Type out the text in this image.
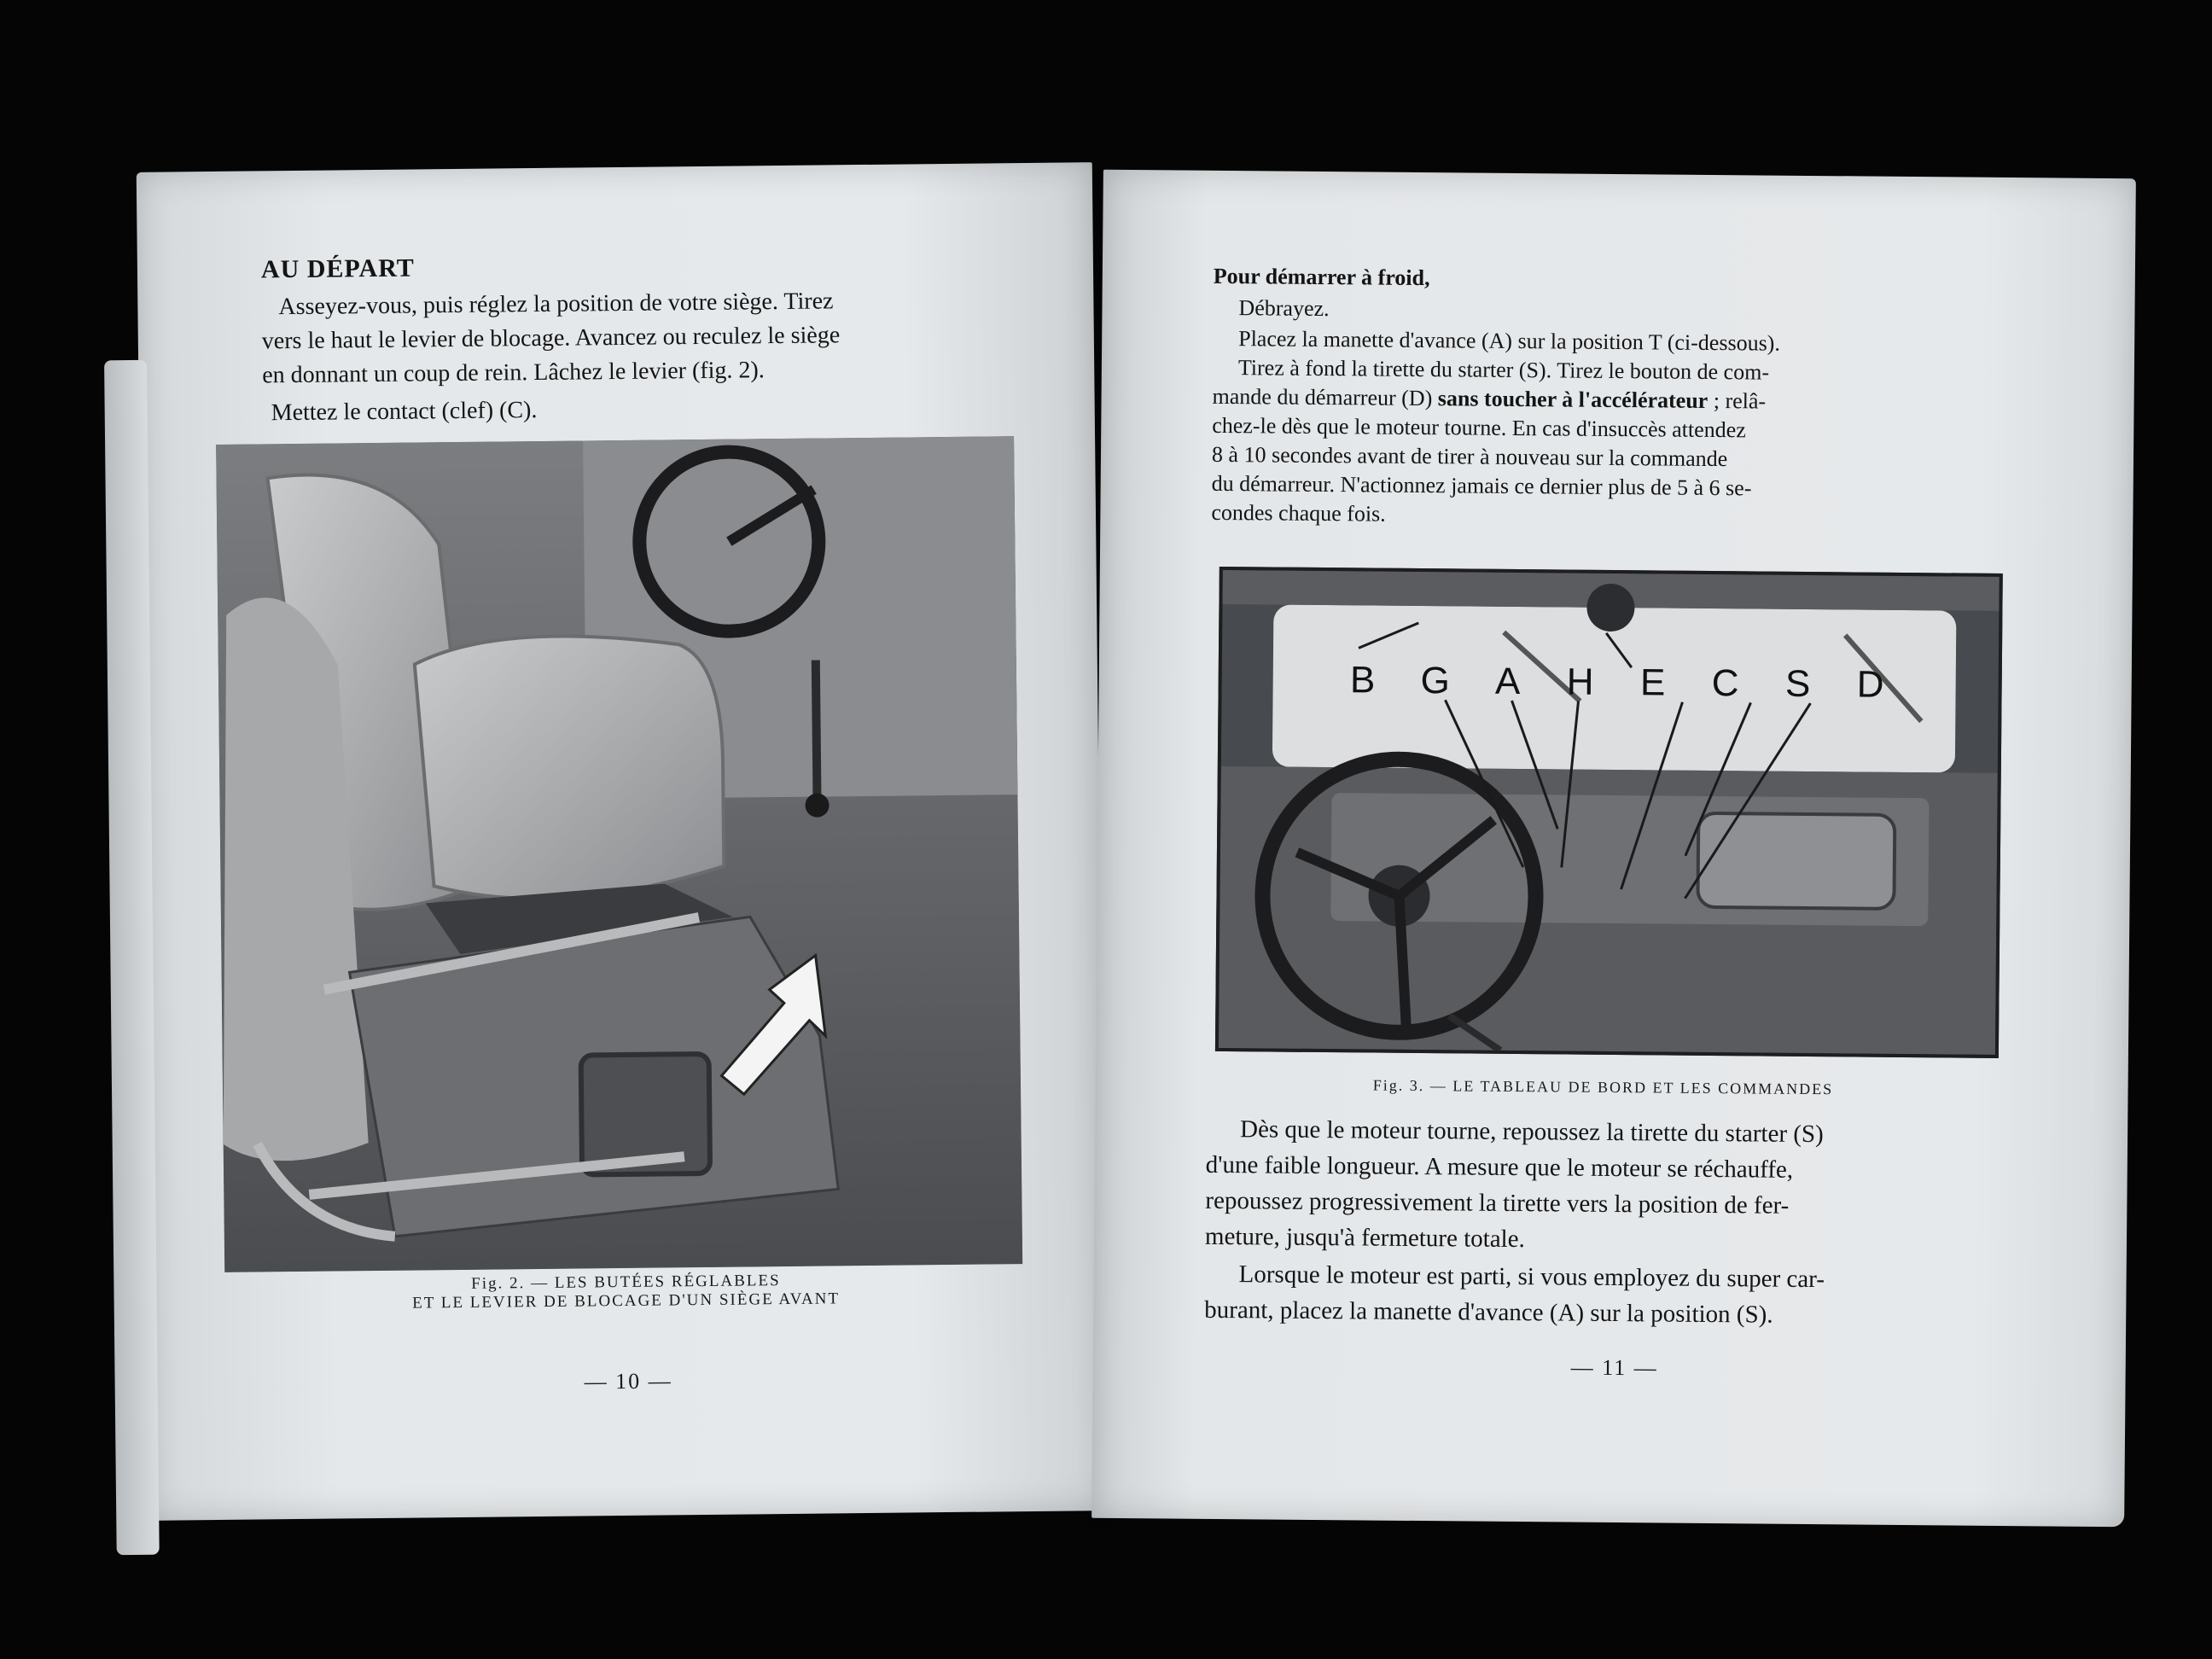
AU DÉPART
Asseyez-vous, puis réglez la position de votre siège. Tirez
vers le haut le levier de blocage. Avancez ou reculez le siège
en donnant un coup de rein. Lâchez le levier (fig. 2).
Mettez le contact (clef) (C).
Fig. 2. — LES BUTÉES RÉGLABLES
ET LE LEVIER DE BLOCAGE D'UN SIÈGE AVANT
— 10 —
Pour démarrer à froid,
Débrayez.
Placez la manette d'avance (A) sur la position T (ci-dessous).
Tirez à fond la tirette du starter (S). Tirez le bouton de com-
mande du démarreur (D) sans toucher à l'accélérateur ; relâ-
chez-le dès que le moteur tourne. En cas d'insuccès attendez
8 à 10 secondes avant de tirer à nouveau sur la commande
du démarreur. N'actionnez jamais ce dernier plus de 5 à 6 se-
condes chaque fois.
B G A H E C S D
Fig. 3. — LE TABLEAU DE BORD ET LES COMMANDES
Dès que le moteur tourne, repoussez la tirette du starter (S)
d'une faible longueur. A mesure que le moteur se réchauffe,
repoussez progressivement la tirette vers la position de fer-
meture, jusqu'à fermeture totale.
Lorsque le moteur est parti, si vous employez du super car-
burant, placez la manette d'avance (A) sur la position (S).
— 11 —
